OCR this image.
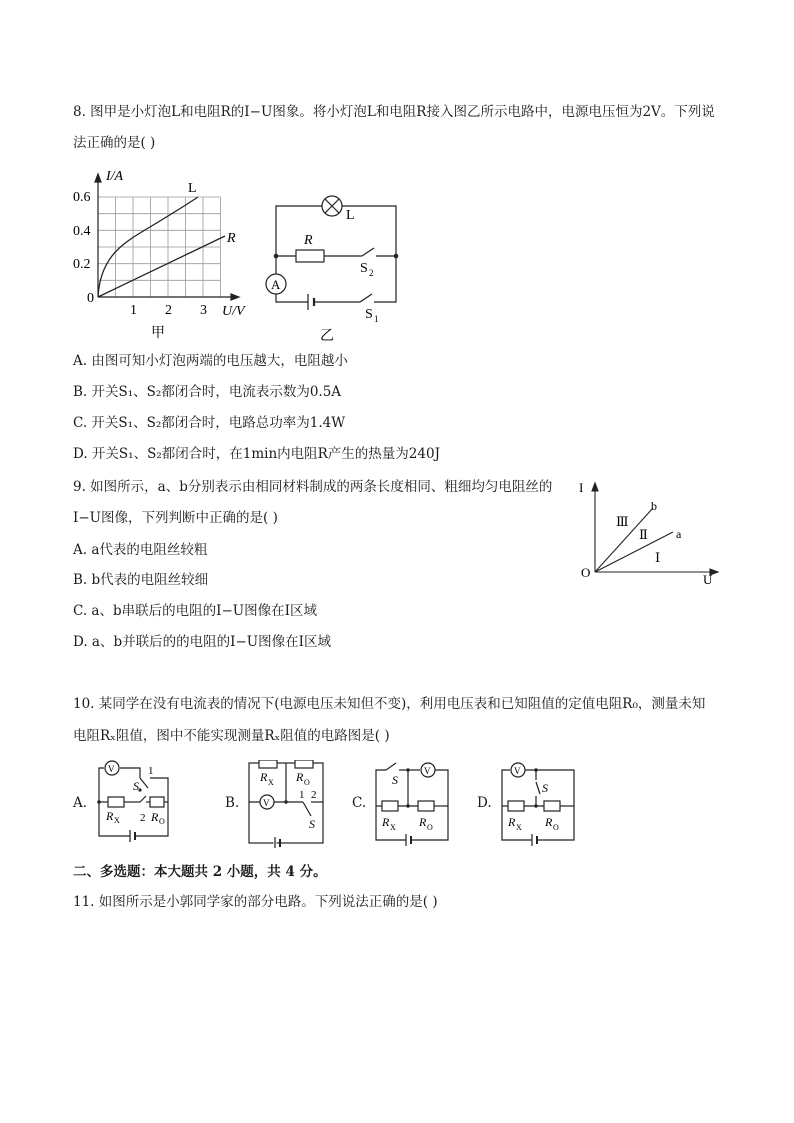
8. 图甲是小灯泡L和电阻R的I−U图象。将小灯泡L和电阻R接入图乙所示电路中，电源电压恒为2V。下列说
法正确的是( )
I/A
0.6
0.4
0.2
0
1 2 3 U/V
L
R
甲
L
R
A
S 2
S 1
乙
A. 由图可知小灯泡两端的电压越大，电阻越小
B. 开关S₁、S₂都闭合时，电流表示数为0.5A
C. 开关S₁、S₂都闭合时，电路总功率为1.4W
D. 开关S₁、S₂都闭合时，在1min内电阻R产生的热量为240J
9. 如图所示，a、b分别表示由相同材料制成的两条长度相同、粗细均匀电阻丝的
I−U图像，下列判断中正确的是( )
I
U
O
b
a
Ⅲ
Ⅱ
Ⅰ
A. a代表的电阻丝较粗
B. b代表的电阻丝较细
C. a、b串联后的电阻的I−U图像在Ⅰ区域
D. a、b并联后的的电阻的I−U图像在Ⅰ区域
10. 某同学在没有电流表的情况下(电源电压未知但不变)，利用电压表和已知阻值的定值电阻R₀，测量未知
电阻Rₓ阻值，图中不能实现测量Rₓ阻值的电路图是( )
A.	B.	C.	D.
V	1
S
R X 2 R O
R X R O
V
1 2
S
S
V
R X R O
V
S
R X R O
二、多选题：本大题共 2 小题，共 4 分。
11. 如图所示是小郭同学家的部分电路。下列说法正确的是( )
